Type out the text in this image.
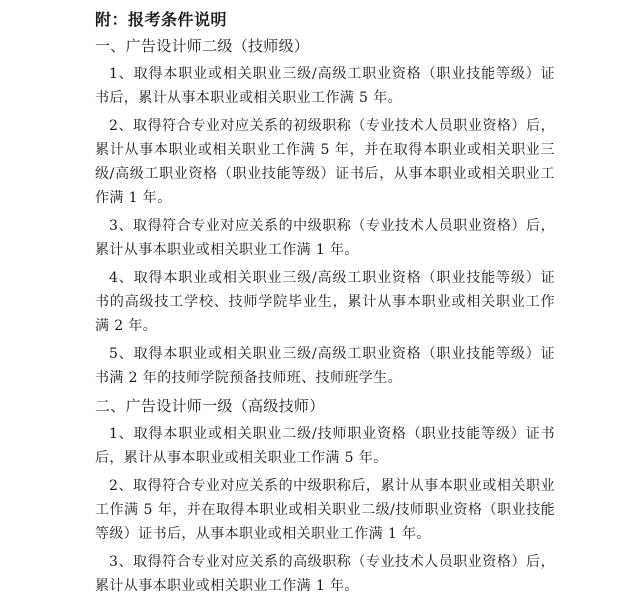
附：报考条件说明
一、广告设计师二级（技师级）
1、取得本职业或相关职业三级/高级工职业资格（职业技能等级）证书后，累计从事本职业或相关职业工作满 5 年。
2、取得符合专业对应关系的初级职称（专业技术人员职业资格）后，累计从事本职业或相关职业工作满 5 年，并在取得本职业或相关职业三级/高级工职业资格（职业技能等级）证书后，从事本职业或相关职业工作满 1 年。
3、取得符合专业对应关系的中级职称（专业技术人员职业资格）后，累计从事本职业或相关职业工作满 1 年。
4、取得本职业或相关职业三级/高级工职业资格（职业技能等级）证书的高级技工学校、技师学院毕业生，累计从事本职业或相关职业工作满 2 年。
5、取得本职业或相关职业三级/高级工职业资格（职业技能等级）证书满 2 年的技师学院预备技师班、技师班学生。
二、广告设计师一级（高级技师）
1、取得本职业或相关职业二级/技师职业资格（职业技能等级）证书后，累计从事本职业或相关职业工作满 5 年。
2、取得符合专业对应关系的中级职称后，累计从事本职业或相关职业工作满 5 年，并在取得本职业或相关职业二级/技师职业资格（职业技能等级）证书后，从事本职业或相关职业工作满 1 年。
3、取得符合专业对应关系的高级职称（专业技术人员职业资格）后，累计从事本职业或相关职业工作满 1 年。
